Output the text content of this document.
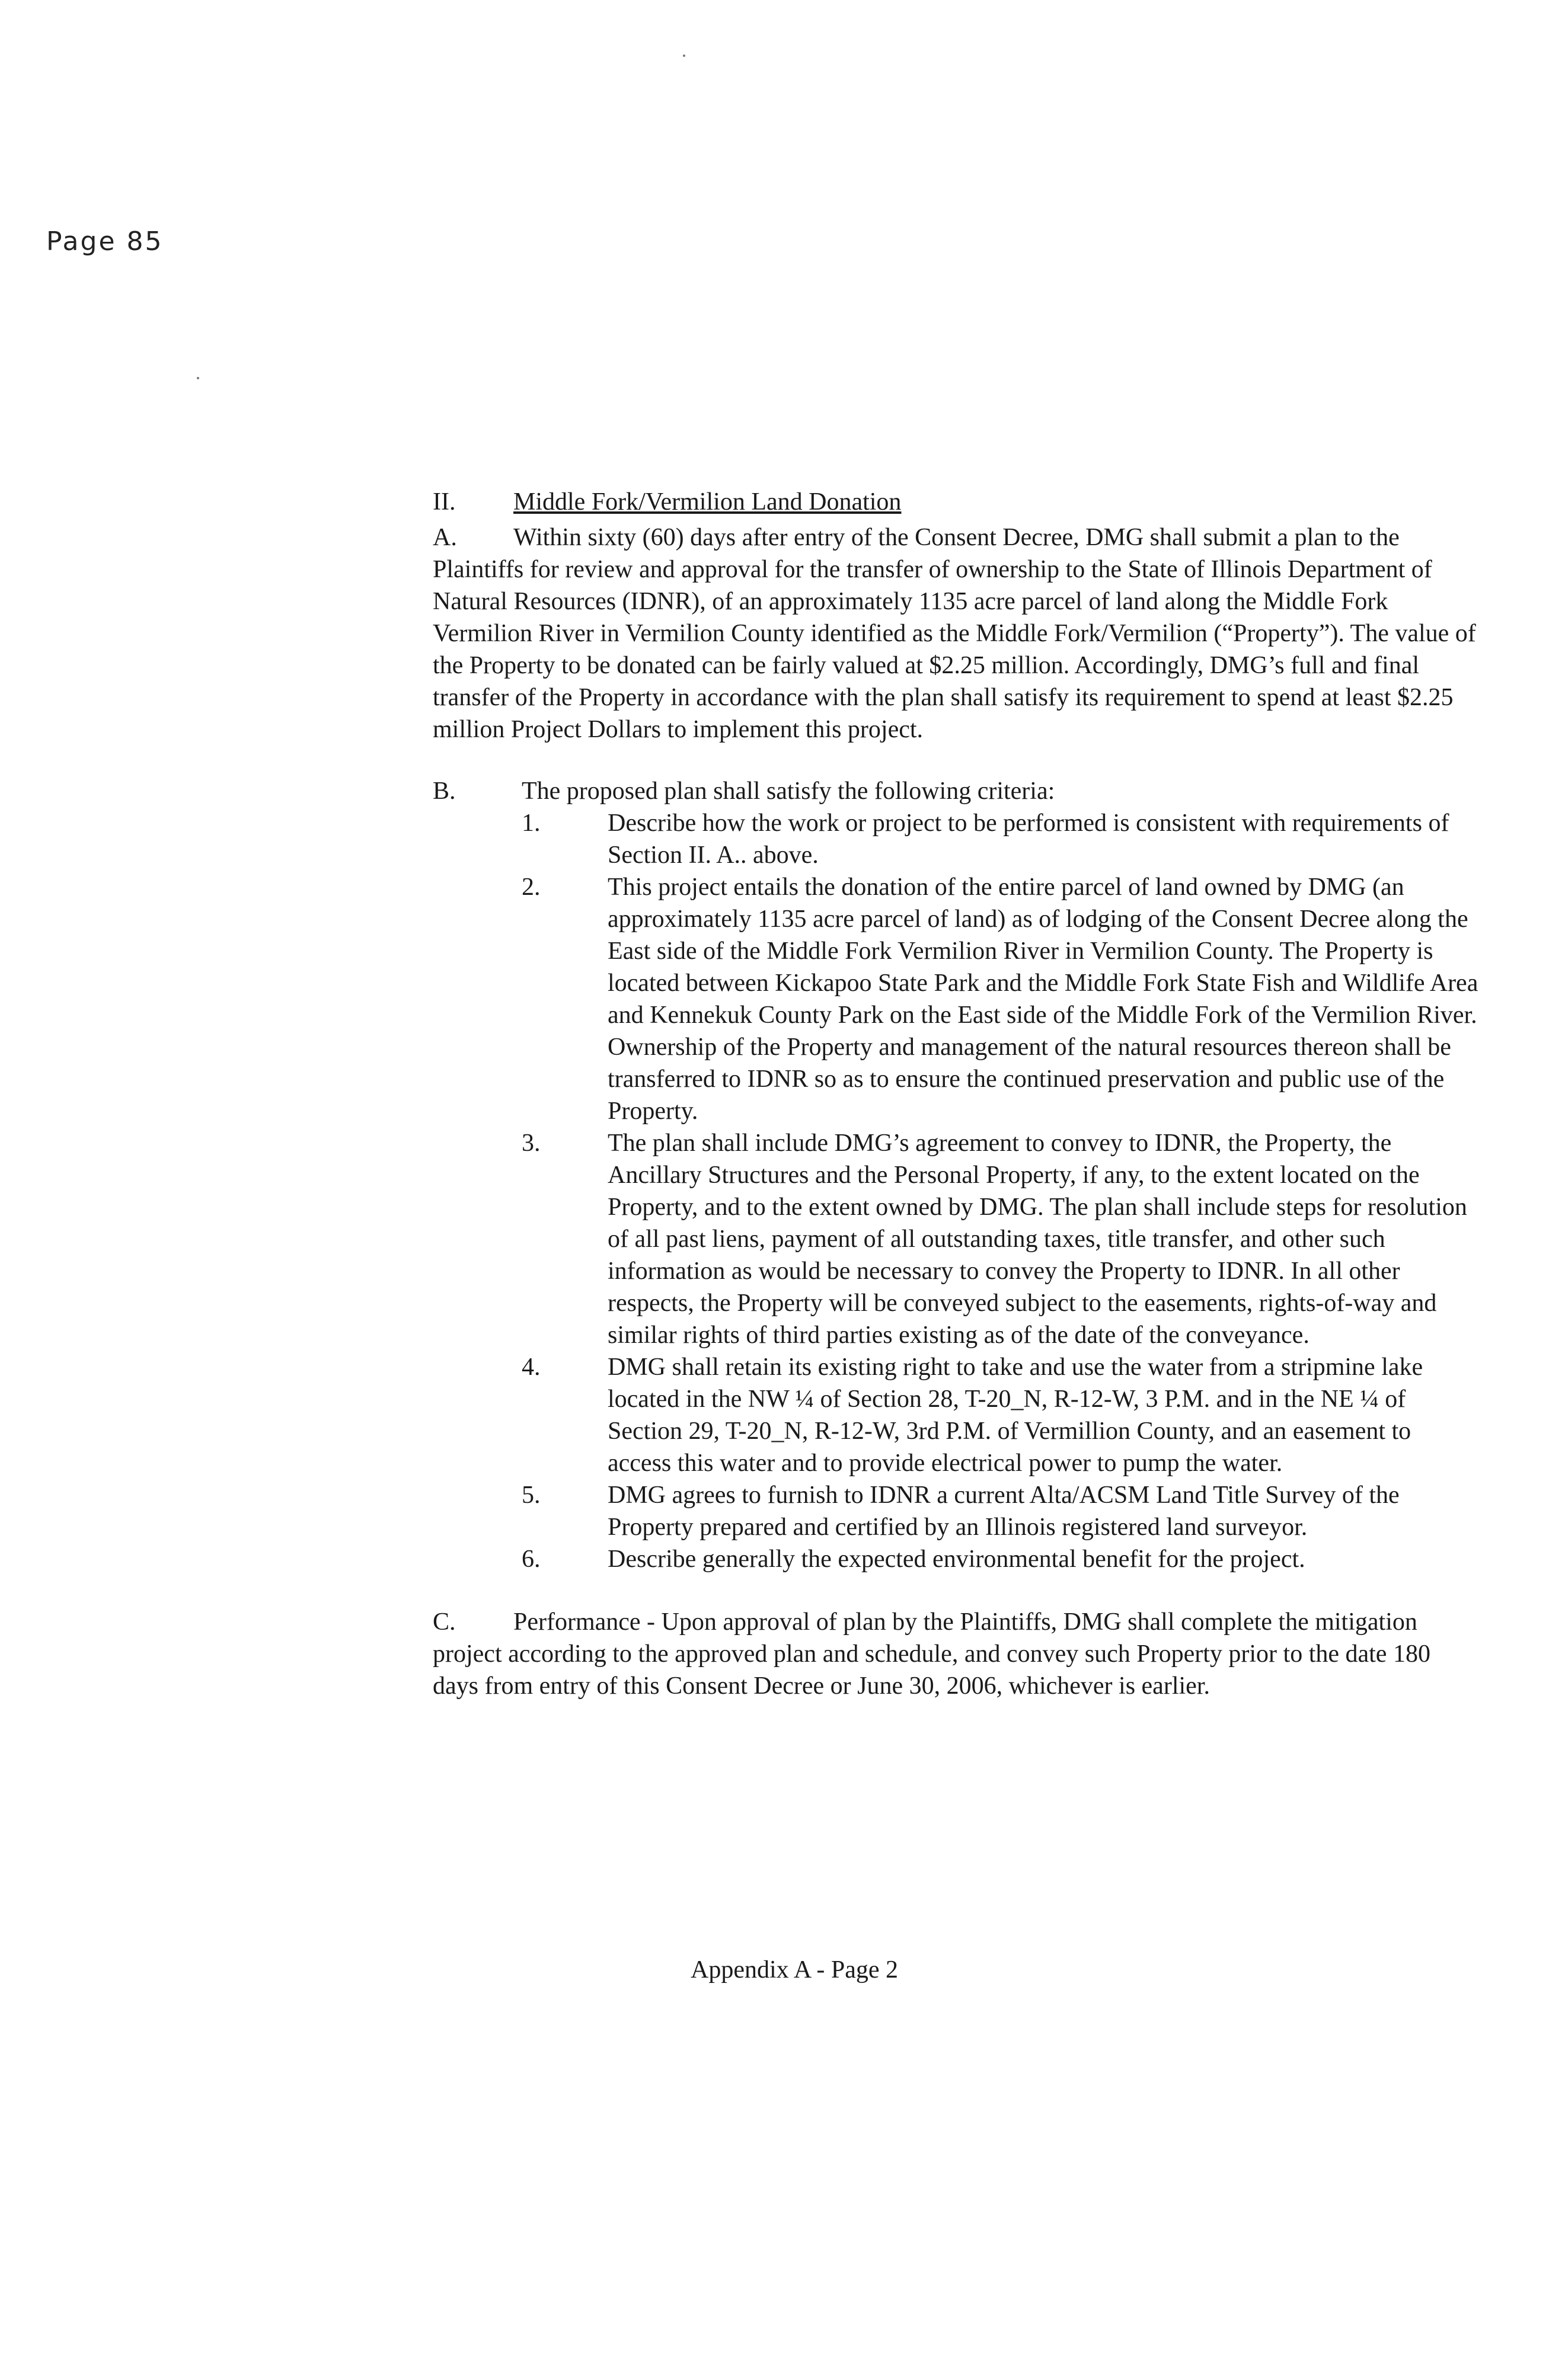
Page 85
II. Middle Fork/Vermilion Land Donation

A. Within sixty (60) days after entry of the Consent Decree, DMG shall submit a plan to the Plaintiffs for review and approval for the transfer of ownership to the State of Illinois Department of Natural Resources (IDNR), of an approximately 1135 acre parcel of land along the Middle Fork Vermilion River in Vermilion County identified as the Middle Fork/Vermilion (“Property”). The value of the Property to be donated can be fairly valued at $2.25 million. Accordingly, DMG’s full and final transfer of the Property in accordance with the plan shall satisfy its requirement to spend at least $2.25 million Project Dollars to implement this project.

B.	The proposed plan shall satisfy the following criteria:
1.	Describe how the work or project to be performed is consistent with requirements of Section II. A.. above.
2.	This project entails the donation of the entire parcel of land owned by DMG (an approximately 1135 acre parcel of land) as of lodging of the Consent Decree along the East side of the Middle Fork Vermilion River in Vermilion County. The Property is located between Kickapoo State Park and the Middle Fork State Fish and Wildlife Area and Kennekuk County Park on the East side of the Middle Fork of the Vermilion River. Ownership of the Property and management of the natural resources thereon shall be transferred to IDNR so as to ensure the continued preservation and public use of the Property.
3.	The plan shall include DMG’s agreement to convey to IDNR, the Property, the Ancillary Structures and the Personal Property, if any, to the extent located on the Property, and to the extent owned by DMG. The plan shall include steps for resolution of all past liens, payment of all outstanding taxes, title transfer, and other such information as would be necessary to convey the Property to IDNR. In all other respects, the Property will be conveyed subject to the easements, rights-of-way and similar rights of third parties existing as of the date of the conveyance.
4.	DMG shall retain its existing right to take and use the water from a stripmine lake located in the NW ¼ of Section 28, T-20_N, R-12-W, 3 P.M. and in the NE ¼ of Section 29, T-20_N, R-12-W, 3rd P.M. of Vermillion County, and an easement to access this water and to provide electrical power to pump the water.
5.	DMG agrees to furnish to IDNR a current Alta/ACSM Land Title Survey of the Property prepared and certified by an Illinois registered land surveyor.
6.	Describe generally the expected environmental benefit for the project.

C. Performance - Upon approval of plan by the Plaintiffs, DMG shall complete the mitigation project according to the approved plan and schedule, and convey such Property prior to the date 180 days from entry of this Consent Decree or June 30, 2006, whichever is earlier.

Appendix A - Page 2
